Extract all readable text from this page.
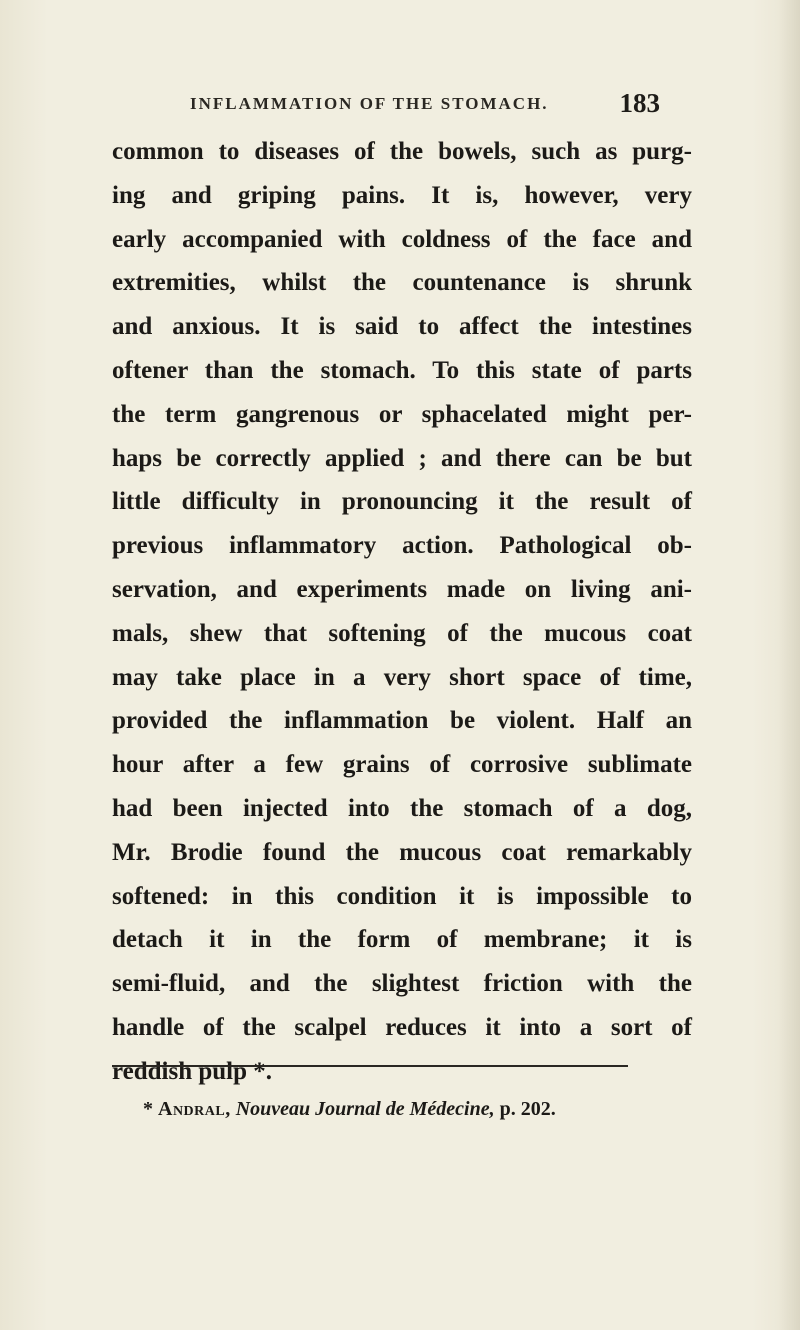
INFLAMMATION OF THE STOMACH.	183
common to diseases of the bowels, such as purg-
ing and griping pains. It is, however, very
early accompanied with coldness of the face and
extremities, whilst the countenance is shrunk
and anxious. It is said to affect the intestines
oftener than the stomach. To this state of parts
the term gangrenous or sphacelated might per-
haps be correctly applied ; and there can be but
little difficulty in pronouncing it the result of
previous inflammatory action. Pathological ob-
servation, and experiments made on living ani-
mals, shew that softening of the mucous coat
may take place in a very short space of time,
provided the inflammation be violent. Half an
hour after a few grains of corrosive sublimate
had been injected into the stomach of a dog,
Mr. Brodie found the mucous coat remarkably
softened: in this condition it is impossible to
detach it in the form of membrane; it is
semi-fluid, and the slightest friction with the
handle of the scalpel reduces it into a sort of
reddish pulp *.
* Andral, Nouveau Journal de Médecine, p. 202.
